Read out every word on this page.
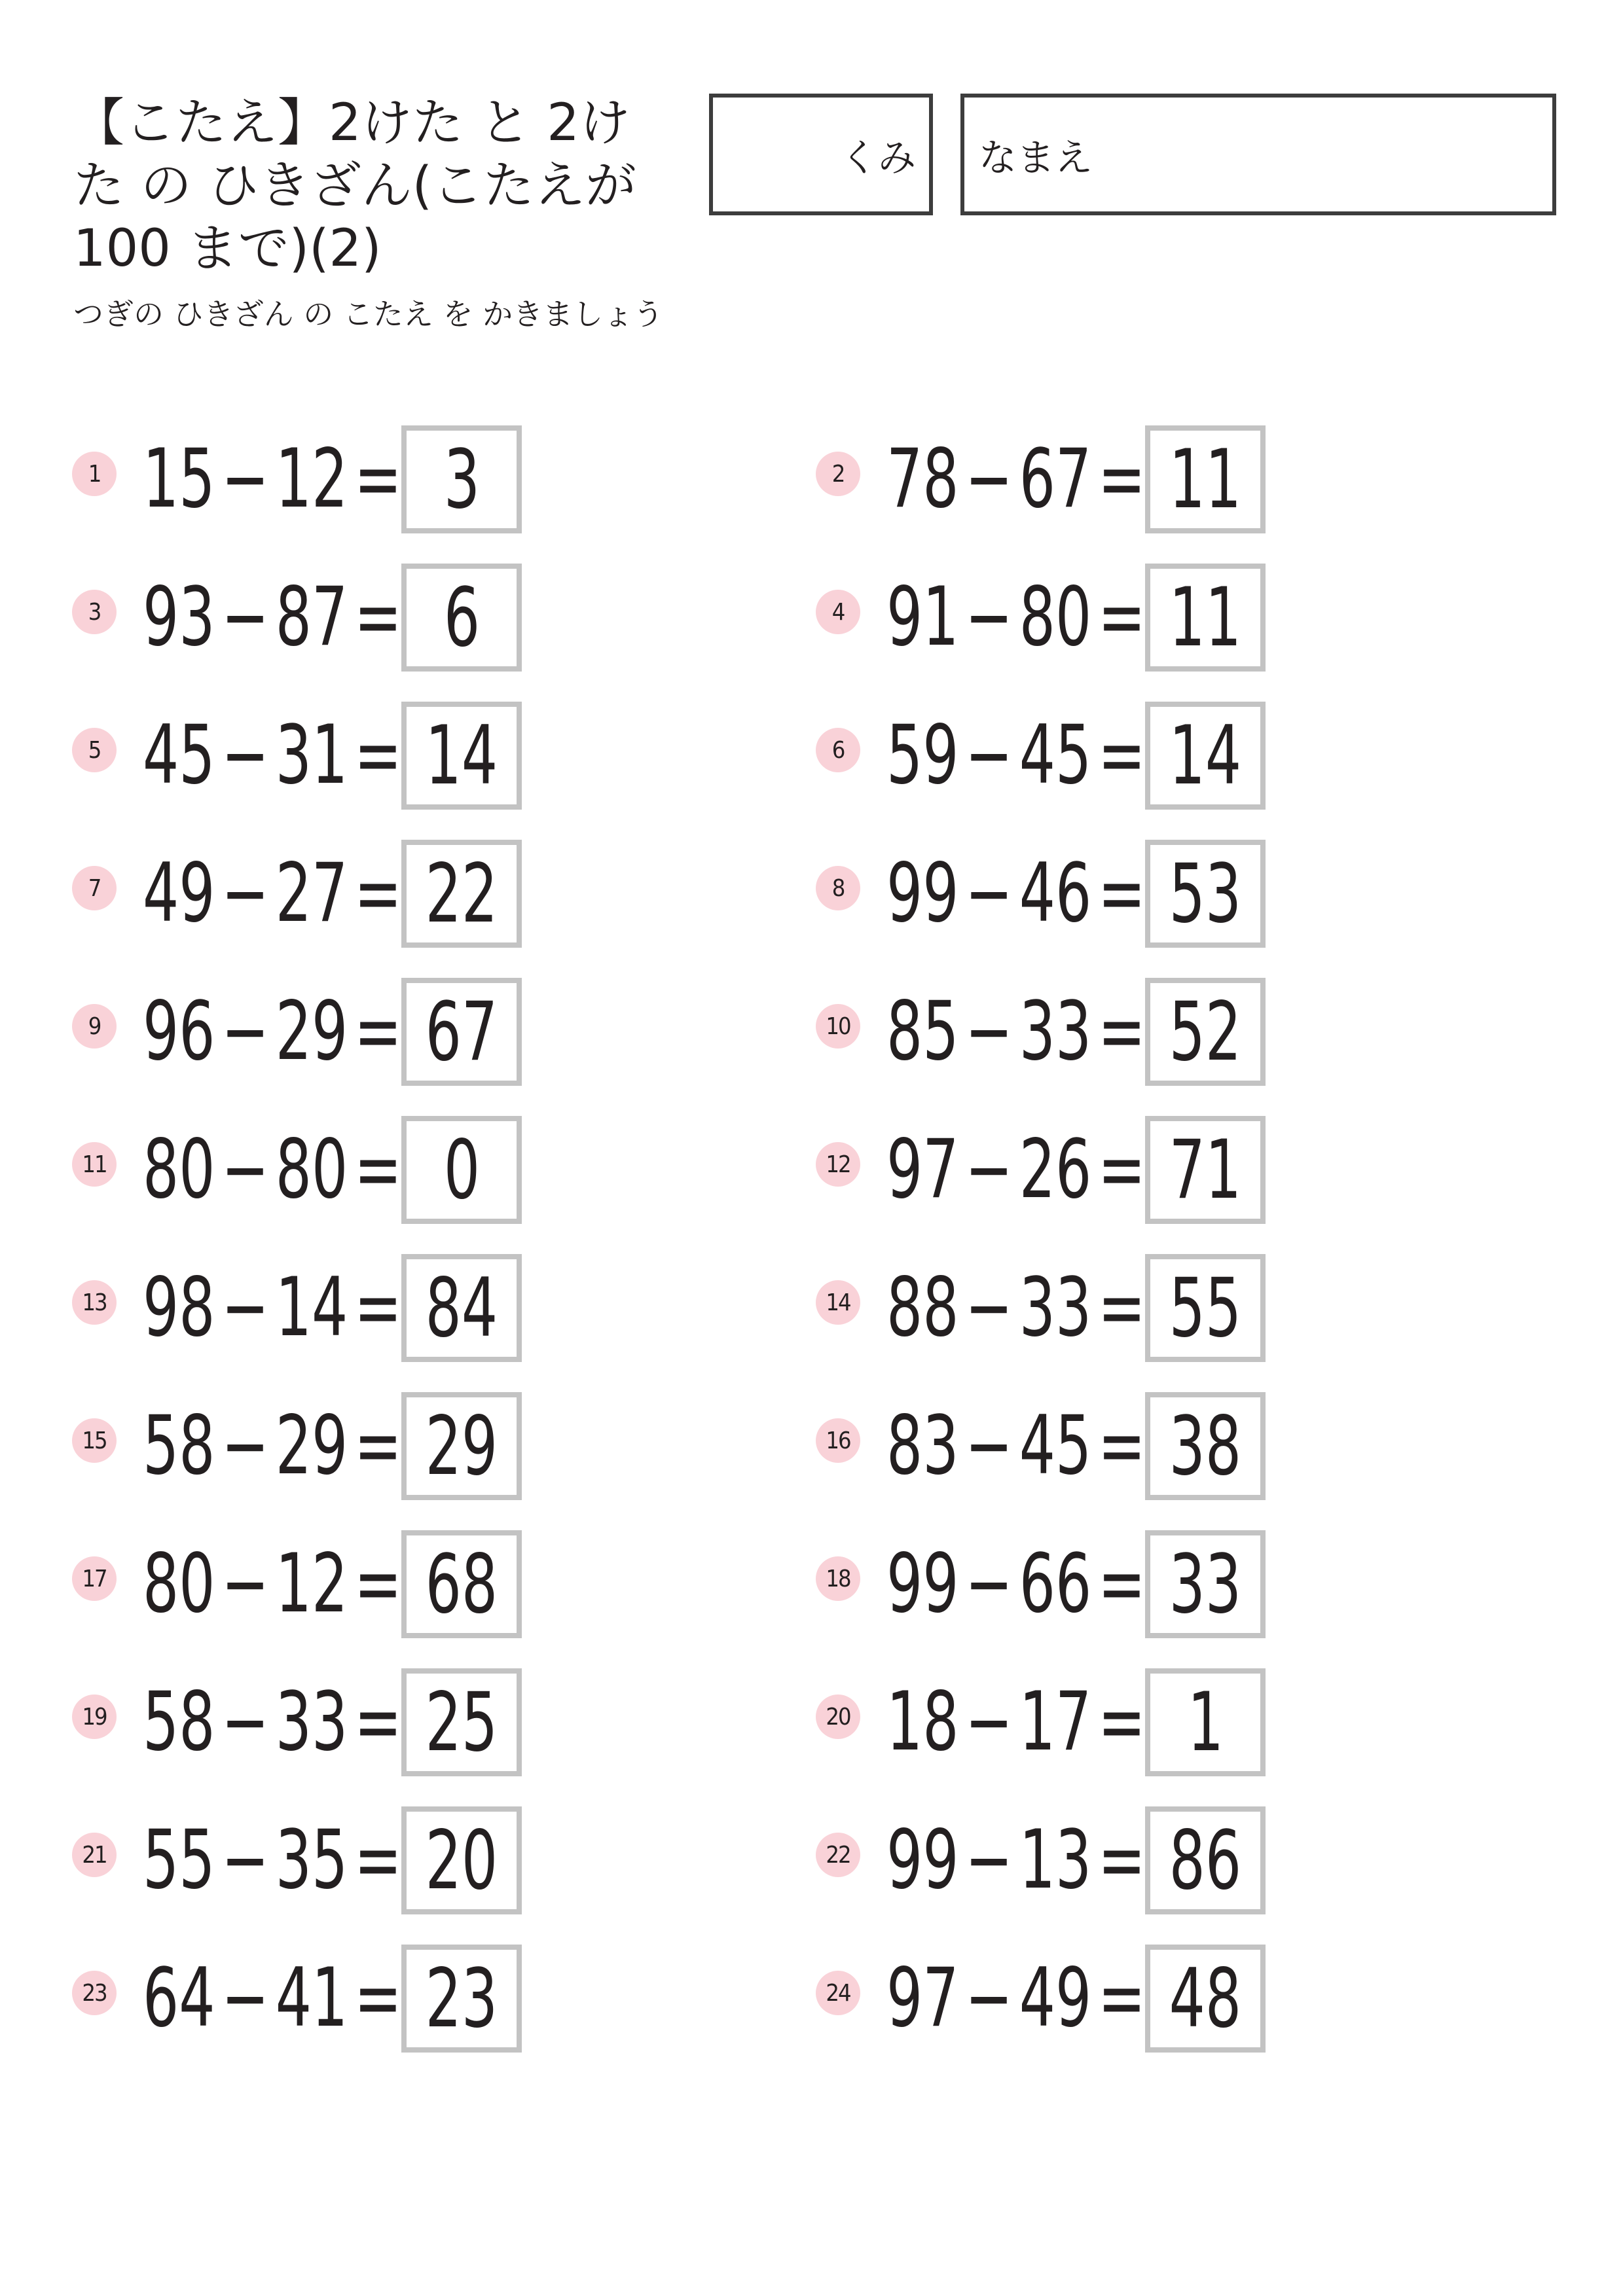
【こたえ】2けた と 2けた の ひきざん(こたえが 100 まで)(2)
つぎの ひきざん の こたえ を かきましょう
くみ なまえ
1 15 − 12 = 3	2 78 − 67 = 11
3 93 − 87 = 6	4 91 − 80 = 11
5 45 − 31 = 14	6 59 − 45 = 14
7 49 − 27 = 22	8 99 − 46 = 53
9 96 − 29 = 67	10 85 − 33 = 52
11 80 − 80 = 0	12 97 − 26 = 71
13 98 − 14 = 84	14 88 − 33 = 55
15 58 − 29 = 29	16 83 − 45 = 38
17 80 − 12 = 68	18 99 − 66 = 33
19 58 − 33 = 25	20 18 − 17 = 1
21 55 − 35 = 20	22 99 − 13 = 86
23 64 − 41 = 23	24 97 − 49 = 48
